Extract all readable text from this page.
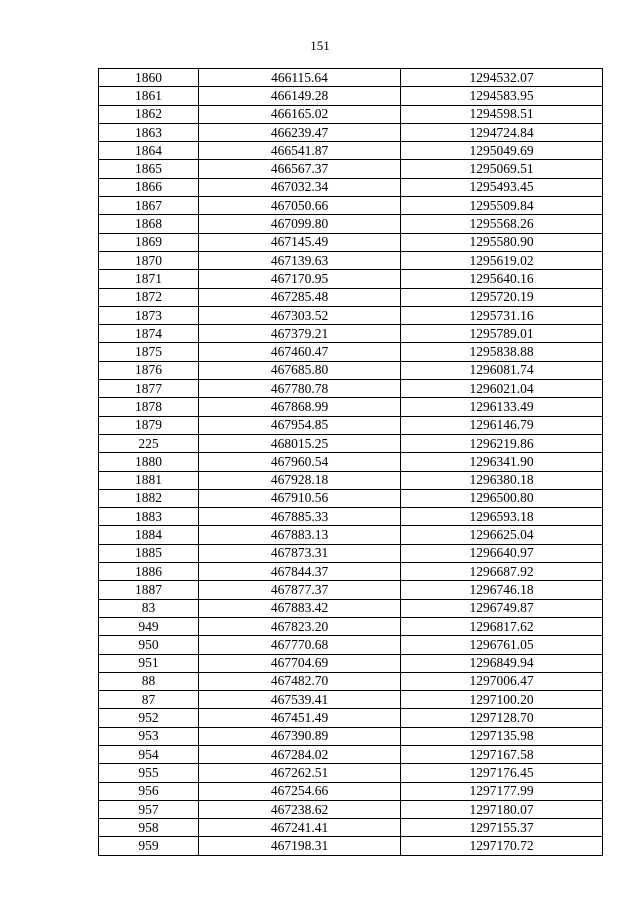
151
1860	466115.64	1294532.07
1861	466149.28	1294583.95
1862	466165.02	1294598.51
1863	466239.47	1294724.84
1864	466541.87	1295049.69
1865	466567.37	1295069.51
1866	467032.34	1295493.45
1867	467050.66	1295509.84
1868	467099.80	1295568.26
1869	467145.49	1295580.90
1870	467139.63	1295619.02
1871	467170.95	1295640.16
1872	467285.48	1295720.19
1873	467303.52	1295731.16
1874	467379.21	1295789.01
1875	467460.47	1295838.88
1876	467685.80	1296081.74
1877	467780.78	1296021.04
1878	467868.99	1296133.49
1879	467954.85	1296146.79
225	468015.25	1296219.86
1880	467960.54	1296341.90
1881	467928.18	1296380.18
1882	467910.56	1296500.80
1883	467885.33	1296593.18
1884	467883.13	1296625.04
1885	467873.31	1296640.97
1886	467844.37	1296687.92
1887	467877.37	1296746.18
83	467883.42	1296749.87
949	467823.20	1296817.62
950	467770.68	1296761.05
951	467704.69	1296849.94
88	467482.70	1297006.47
87	467539.41	1297100.20
952	467451.49	1297128.70
953	467390.89	1297135.98
954	467284.02	1297167.58
955	467262.51	1297176.45
956	467254.66	1297177.99
957	467238.62	1297180.07
958	467241.41	1297155.37
959	467198.31	1297170.72
